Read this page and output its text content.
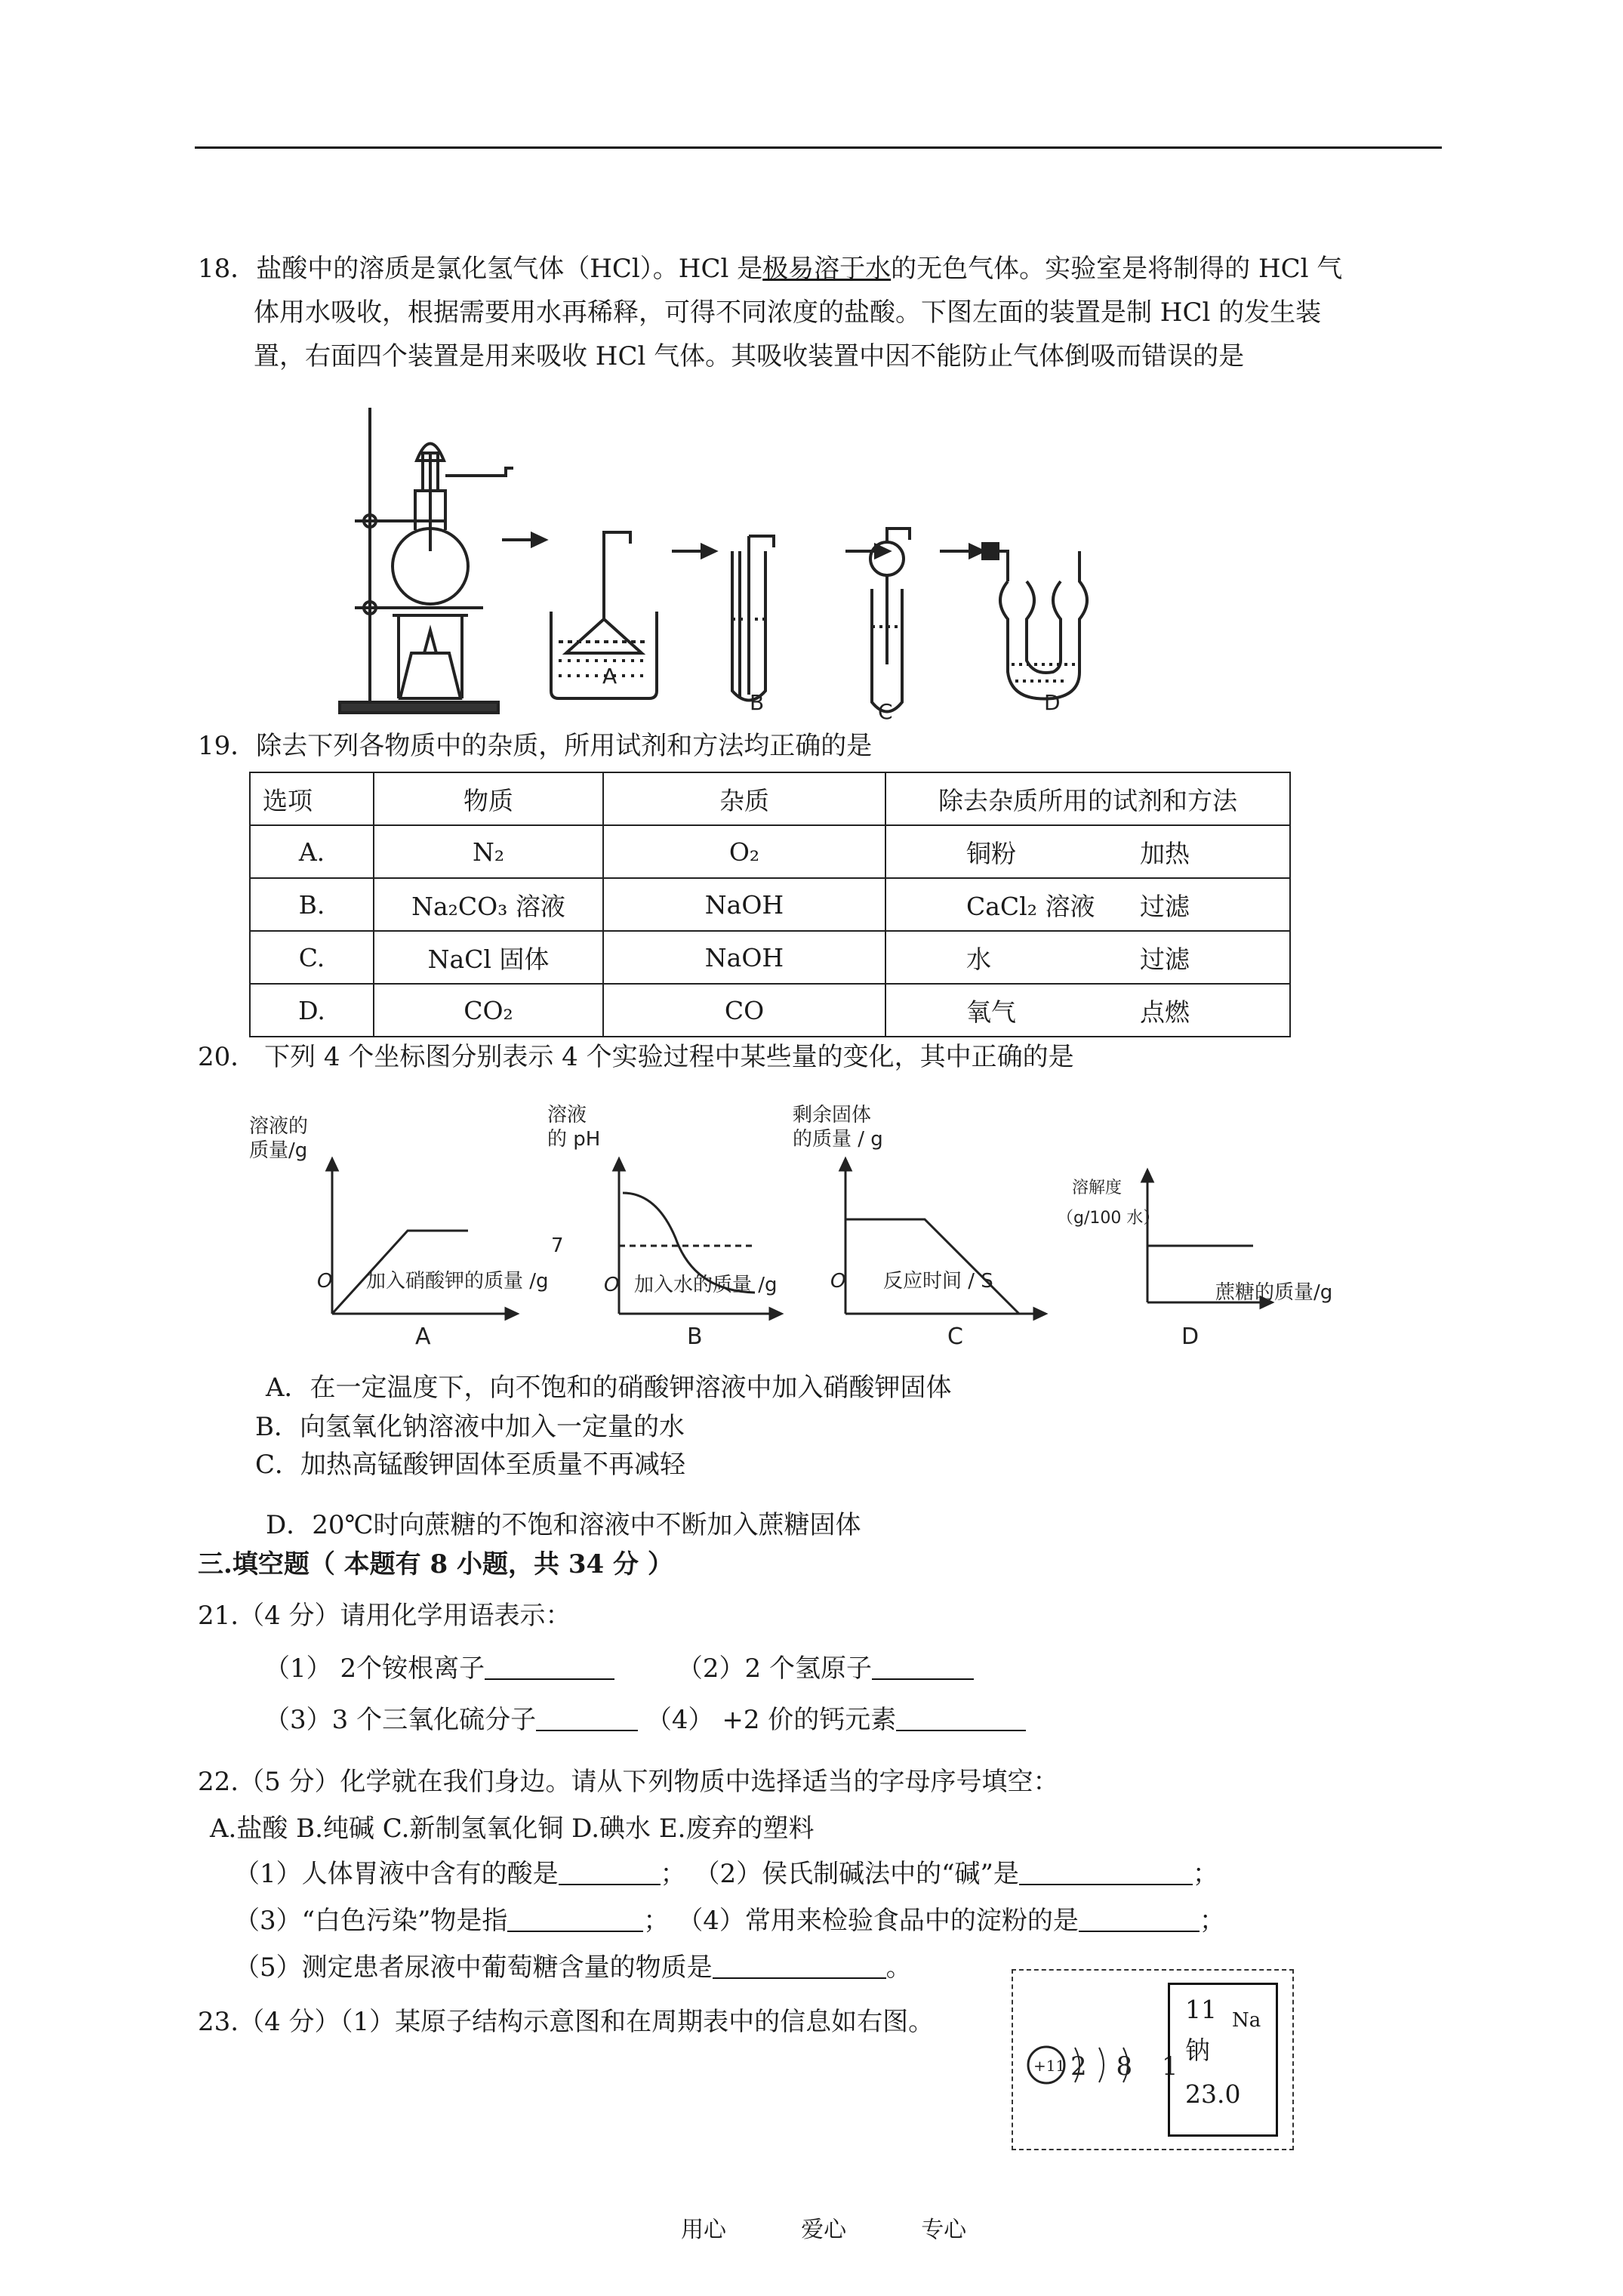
18．盐酸中的溶质是氯化氢气体（HCl）。HCl 是极易溶于水的无色气体。实验室是将制得的 HCl 气
体用水吸收，根据需要用水再稀释，可得不同浓度的盐酸。下图左面的装置是制 HCl 的发生装
置，右面四个装置是用来吸收 HCl 气体。其吸收装置中因不能防止气体倒吸而错误的是
A
B	C	D
19．除去下列各物质中的杂质，所用试剂和方法均正确的是
选项	物质	杂质	除去杂质所用的试剂和方法
A.	N₂	O₂	铜粉 加热
B.	Na₂CO₃ 溶液	NaOH	CaCl₂ 溶液 过滤
C.	NaCl 固体	NaOH	水 过滤
D.	CO₂	CO	氧气 点燃
20． 下列 4 个坐标图分别表示 4 个实验过程中某些量的变化，其中正确的是
溶液的
质量/g
O 加入硝酸钾的质量 /g
溶液
的 pH
7
O 加入水的质量 /g
剩余固体
的质量 / g
O 反应时间 / S
溶解度
（g/100 水）
蔗糖的质量/g
A	B	C	D
A．在一定温度下，向不饱和的硝酸钾溶液中加入硝酸钾固体
B．向氢氧化钠溶液中加入一定量的水
C．加热高锰酸钾固体至质量不再减轻
D．20℃时向蔗糖的不饱和溶液中不断加入蔗糖固体
三.填空题（ 本题有 8 小题，共 34 分 ）
21.（4 分）请用化学用语表示：
（1） 2个铵根离子	（2）2 个氢原子
（3）3 个三氧化硫分子	（4） +2 价的钙元素
22.（5 分）化学就在我们身边。请从下列物质中选择适当的字母序号填空：
A.盐酸 B.纯碱 C.新制氢氧化铜 D.碘水 E.废弃的塑料
（1）人体胃液中含有的酸是	； （2）侯氏制碱法中的“碱”是	；
（3）“白色污染”物是指	； （4）常用来检验食品中的淀粉的是	；
（5）测定患者尿液中葡萄糖含量的物质是	。
23.（4 分）（1）某原子结构示意图和在周期表中的信息如右图。
+11 2 8 1
11 Na
钠
23.0
用心	爱心	专心
